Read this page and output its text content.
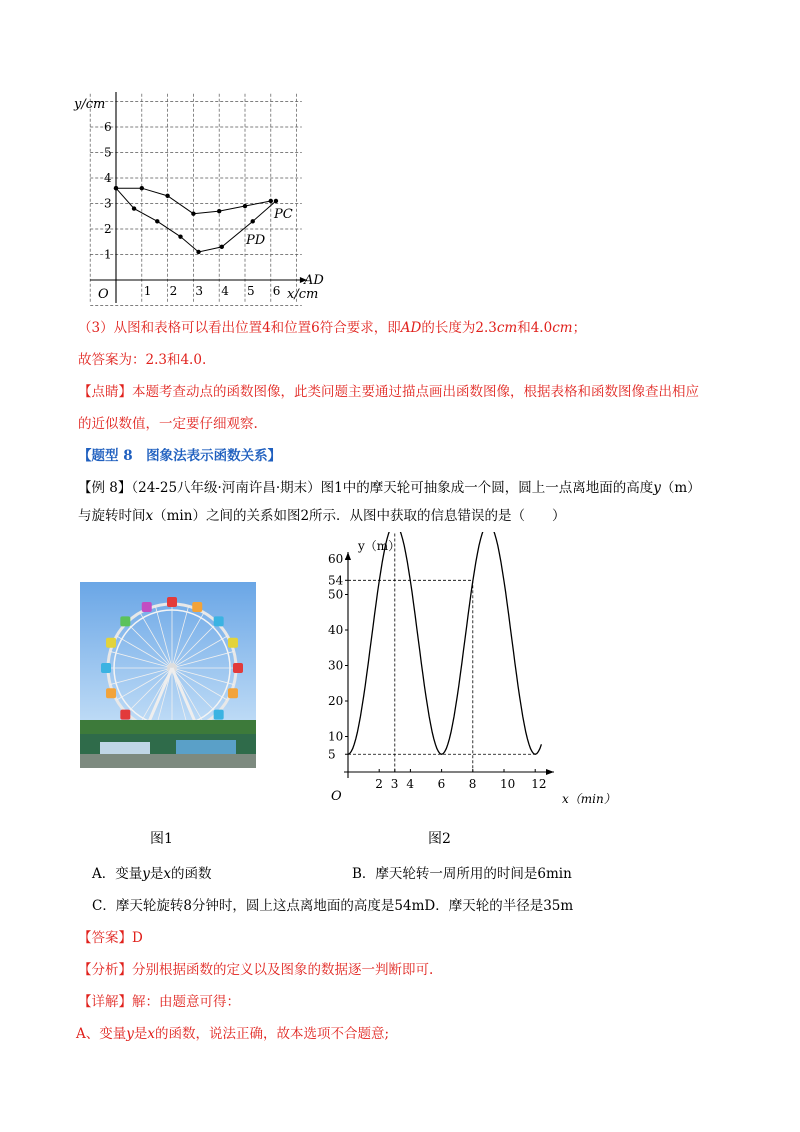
1 2 3 4 5 6
1
2
3
4
5
6
y/cm
AD
x/cm
O
PC
PD
（3）从图和表格可以看出位置4和位置6符合要求，即AD的长度为2.3cm和4.0cm；
故答案为：2.3和4.0.
【点睛】本题考查动点的函数图像，此类问题主要通过描点画出函数图像，根据表格和函数图像查出相应
的近似数值，一定要仔细观察.
【题型 8　图象法表示函数关系】
【例 8】（24-25八年级·河南许昌·期末）图1中的摩天轮可抽象成一个圆，圆上一点离地面的高度y（m）
与旋转时间x（min）之间的关系如图2所示．从图中获取的信息错误的是（　　）
图1
5
10
20
30
40
50
54
60
2 3 4 6 8 10 12
y（m）
x（min）
O
图2
A．变量y是x的函数	B．摩天轮转一周所用的时间是6min
C．摩天轮旋转8分钟时，圆上这点离地面的高度是54mD．摩天轮的半径是35m
【答案】D
【分析】分别根据函数的定义以及图象的数据逐一判断即可.
【详解】解：由题意可得：
A、变量y是x的函数，说法正确，故本选项不合题意;
